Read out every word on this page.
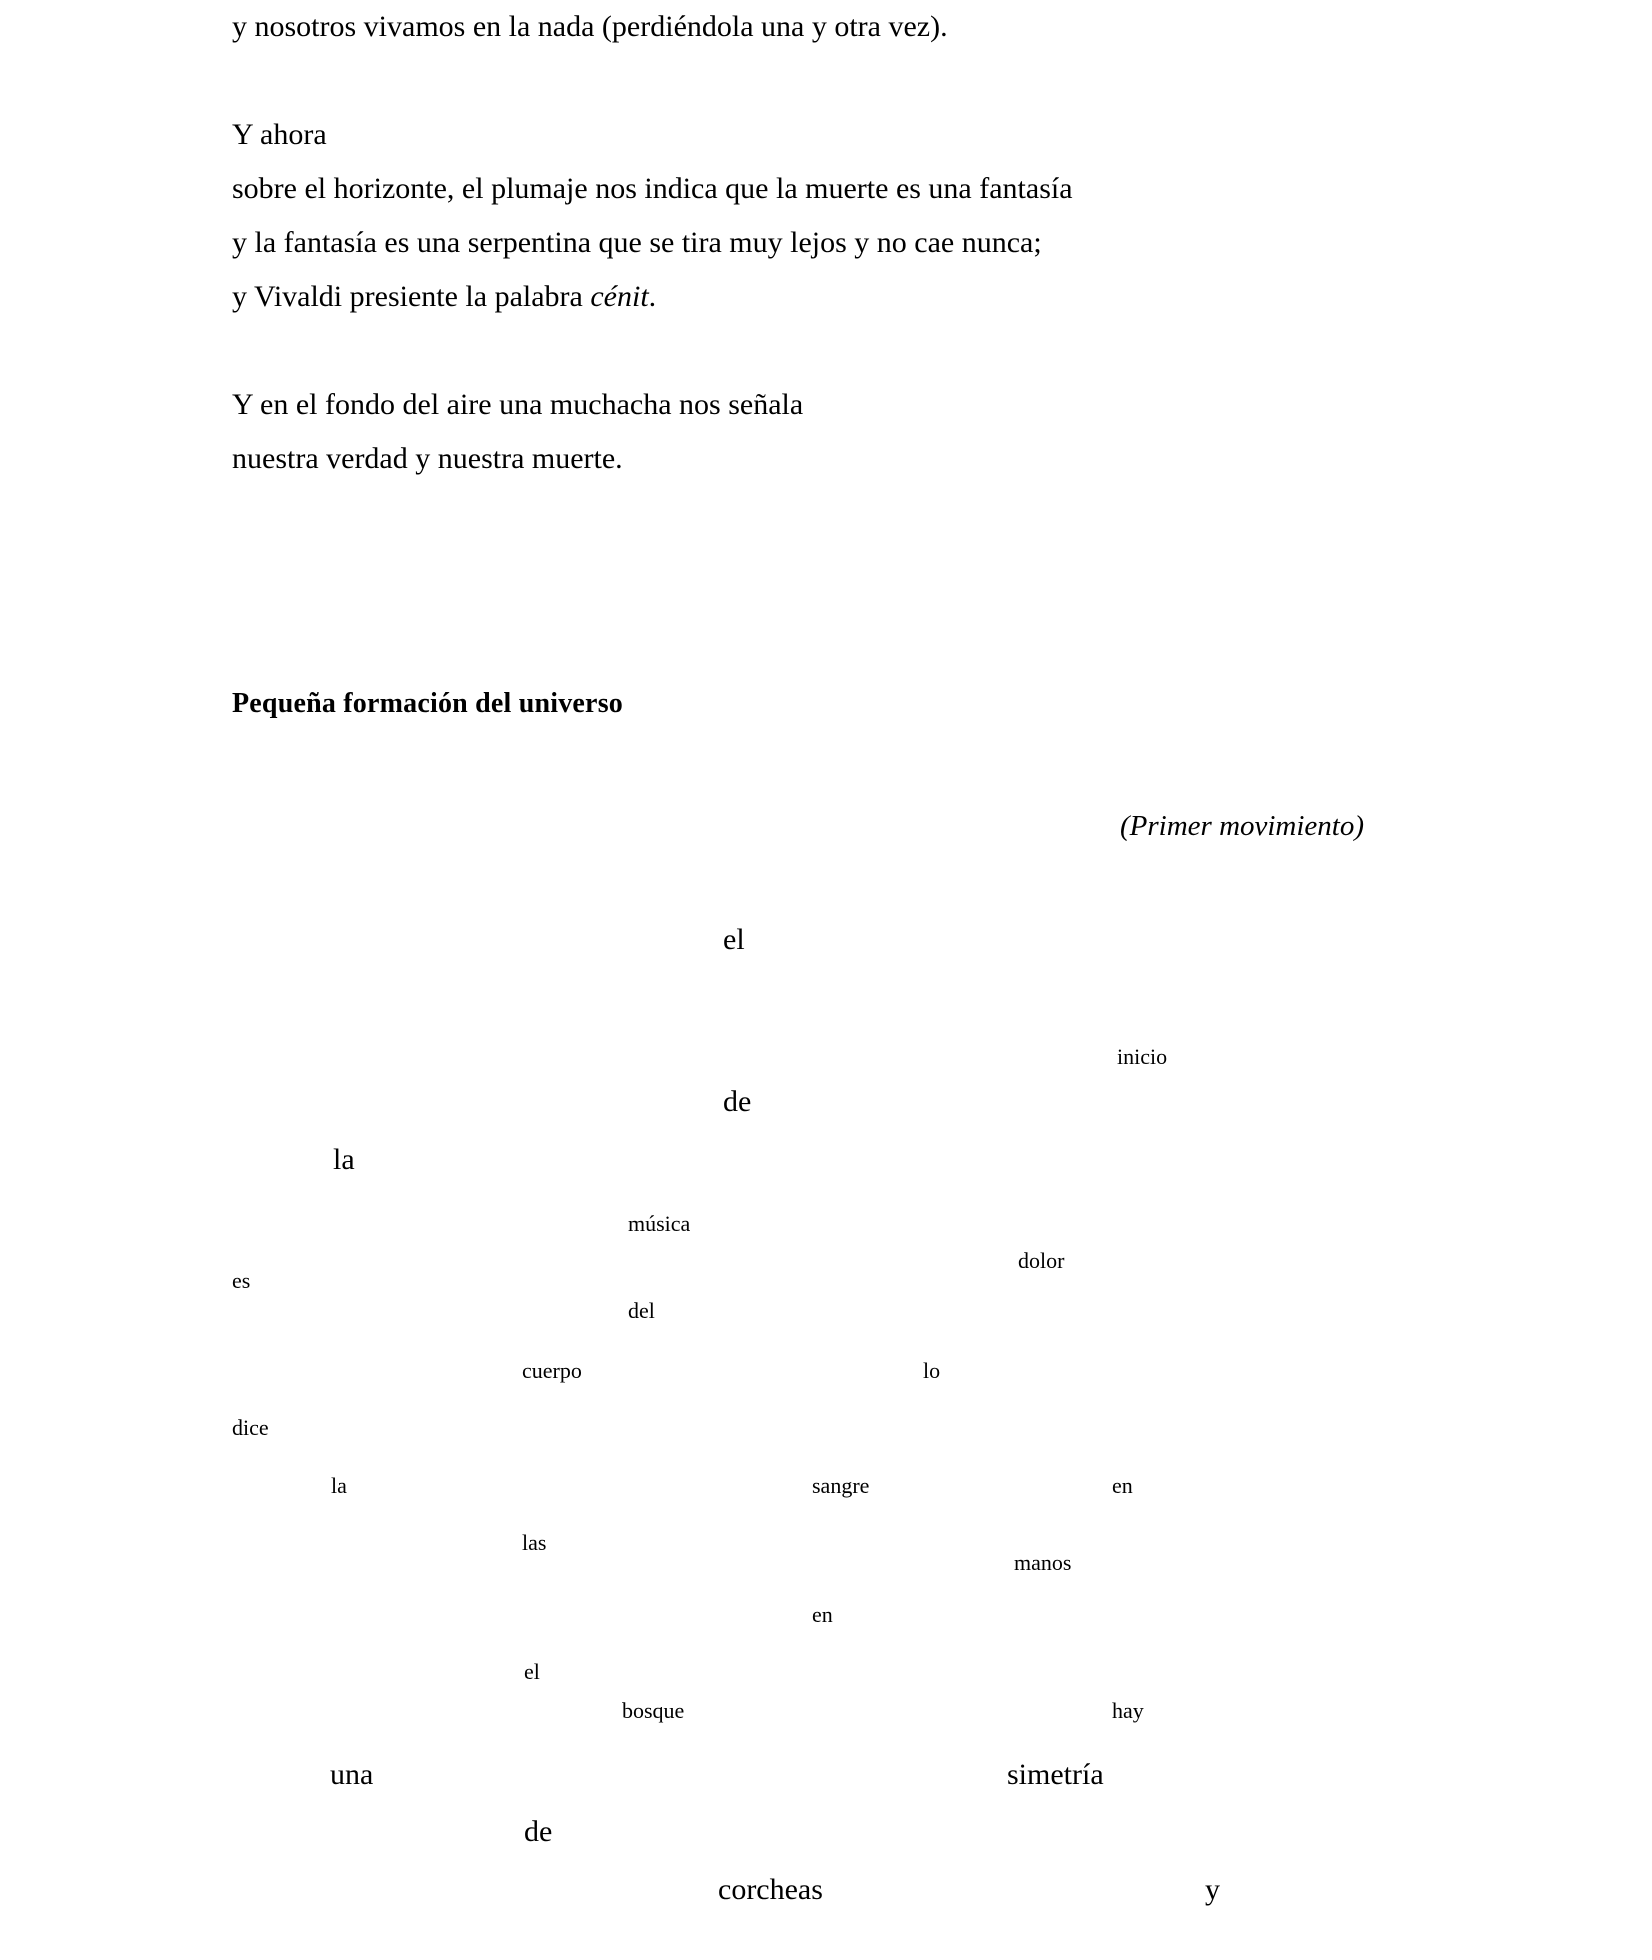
y nosotros vivamos en la nada (perdiéndola una y otra vez).
Y ahora
sobre el horizonte, el plumaje nos indica que la muerte es una fantasía
y la fantasía es una serpentina que se tira muy lejos y no cae nunca;
y Vivaldi presiente la palabra cénit.
Y en el fondo del aire una muchacha nos señala
nuestra verdad y nuestra muerte.
Pequeña formación del universo
(Primer movimiento)
el
inicio
de
la
música
dolor
es
del
cuerpo	lo
dice
la	sangre	en
las
manos
en
el
bosque	hay
una	simetría
de
corcheas	y
